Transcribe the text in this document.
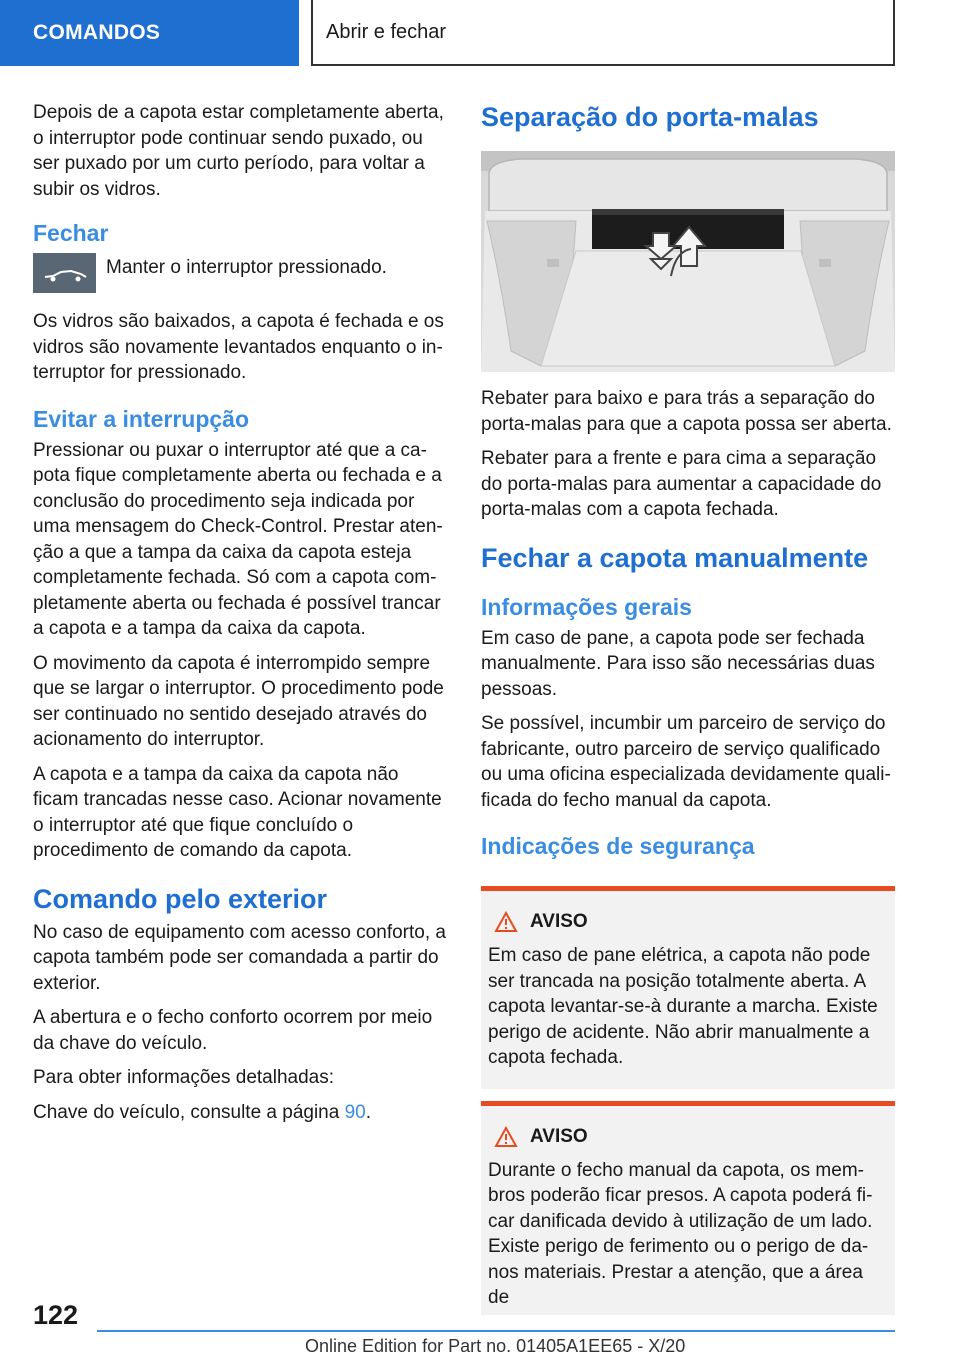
COMANDOS	Abrir e fechar

Depois de a capota estar completamente aberta, o interruptor pode continuar sendo puxado, ou ser puxado por um curto período, para voltar a subir os vidros.

Fechar

Manter o interruptor pressionado.

Os vidros são baixados, a capota é fechada e os vidros são novamente levantados enquanto o interruptor for pressionado.

Evitar a interrupção

Pressionar ou puxar o interruptor até que a capota fique completamente aberta ou fechada e a conclusão do procedimento seja indicada por uma mensagem do Check-Control. Prestar atenção a que a tampa da caixa da capota esteja completamente fechada. Só com a capota completamente aberta ou fechada é possível trancar a capota e a tampa da caixa da capota.

O movimento da capota é interrompido sempre que se largar o interruptor. O procedimento pode ser continuado no sentido desejado através do acionamento do interruptor.

A capota e a tampa da caixa da capota não ficam trancadas nesse caso. Acionar novamente o interruptor até que fique concluído o procedimento de comando da capota.

Comando pelo exterior

No caso de equipamento com acesso conforto, a capota também pode ser comandada a partir do exterior.

A abertura e o fecho conforto ocorrem por meio da chave do veículo.

Para obter informações detalhadas:

Chave do veículo, consulte a página 90.

Separação do porta-malas

Rebater para baixo e para trás a separação do porta-malas para que a capota possa ser aberta.

Rebater para a frente e para cima a separação do porta-malas para aumentar a capacidade do porta-malas com a capota fechada.

Fechar a capota manualmente
Informações gerais

Em caso de pane, a capota pode ser fechada manualmente. Para isso são necessárias duas pessoas.

Se possível, incumbir um parceiro de serviço do fabricante, outro parceiro de serviço qualificado ou uma oficina especializada devidamente qualificada do fecho manual da capota.

Indicações de segurança
AVISO

Em caso de pane elétrica, a capota não pode ser trancada na posição totalmente aberta. A capota levantar-se-à durante a marcha. Existe perigo de acidente. Não abrir manualmente a capota fechada.

AVISO

Durante o fecho manual da capota, os membros poderão ficar presos. A capota poderá ficar danificada devido à utilização de um lado. Existe perigo de ferimento ou o perigo de danos materiais. Prestar a atenção, que a área de

122
Online Edition for Part no. 01405A1EE65 - X/20
